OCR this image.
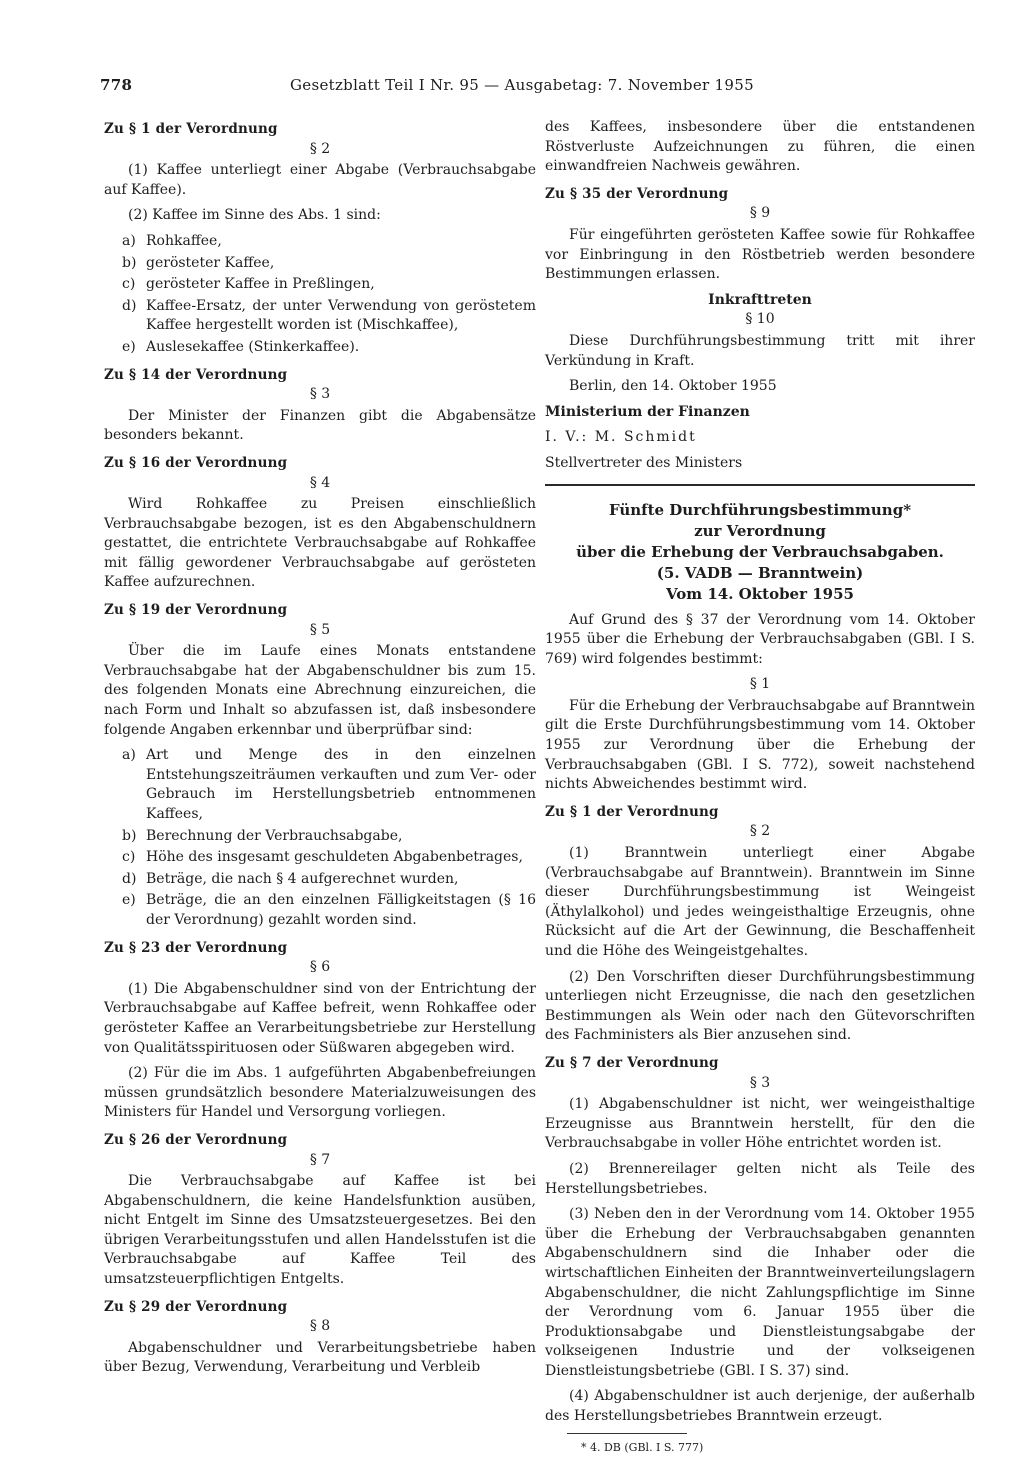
778	Gesetzblatt Teil I Nr. 95 — Ausgabetag: 7. November 1955
Zu § 1 der Verordnung
§ 2

(1) Kaffee unterliegt einer Abgabe (Verbrauchsabgabe auf Kaffee).

(2) Kaffee im Sinne des Abs. 1 sind:

a) Rohkaffee,
b) gerösteter Kaffee,
c) gerösteter Kaffee in Preßlingen,
d) Kaffee-Ersatz, der unter Verwendung von geröstetem Kaffee hergestellt worden ist (Mischkaffee),
e) Auslesekaffee (Stinkerkaffee).
Zu § 14 der Verordnung
§ 3

Der Minister der Finanzen gibt die Abgabensätze besonders bekannt.

Zu § 16 der Verordnung
§ 4

Wird Rohkaffee zu Preisen einschließlich Verbrauchsabgabe bezogen, ist es den Abgabenschuldnern gestattet, die entrichtete Verbrauchsabgabe auf Rohkaffee mit fällig gewordener Verbrauchsabgabe auf gerösteten Kaffee aufzurechnen.

Zu § 19 der Verordnung
§ 5

Über die im Laufe eines Monats entstandene Verbrauchsabgabe hat der Abgabenschuldner bis zum 15. des folgenden Monats eine Abrechnung einzureichen, die nach Form und Inhalt so abzufassen ist, daß insbesondere folgende Angaben erkennbar und überprüfbar sind:

a) Art und Menge des in den einzelnen Entstehungszeiträumen verkauften und zum Ver- oder Gebrauch im Herstellungsbetrieb entnommenen Kaffees,
b) Berechnung der Verbrauchsabgabe,
c) Höhe des insgesamt geschuldeten Abgabenbetrages,
d) Beträge, die nach § 4 aufgerechnet wurden,
e) Beträge, die an den einzelnen Fälligkeitstagen (§ 16 der Verordnung) gezahlt worden sind.
Zu § 23 der Verordnung
§ 6

(1) Die Abgabenschuldner sind von der Entrichtung der Verbrauchsabgabe auf Kaffee befreit, wenn Rohkaffee oder gerösteter Kaffee an Verarbeitungsbetriebe zur Herstellung von Qualitätsspirituosen oder Süßwaren abgegeben wird.

(2) Für die im Abs. 1 aufgeführten Abgabenbefreiungen müssen grundsätzlich besondere Materialzuweisungen des Ministers für Handel und Versorgung vorliegen.

Zu § 26 der Verordnung
§ 7

Die Verbrauchsabgabe auf Kaffee ist bei Abgabenschuldnern, die keine Handelsfunktion ausüben, nicht Entgelt im Sinne des Umsatzsteuergesetzes. Bei den übrigen Verarbeitungsstufen und allen Handelsstufen ist die Verbrauchsabgabe auf Kaffee Teil des umsatzsteuerpflichtigen Entgelts.

Zu § 29 der Verordnung
§ 8

Abgabenschuldner und Verarbeitungsbetriebe haben über Bezug, Verwendung, Verarbeitung und Verbleib

des Kaffees, insbesondere über die entstandenen Röstverluste Aufzeichnungen zu führen, die einen einwandfreien Nachweis gewähren.

Zu § 35 der Verordnung
§ 9

Für eingeführten gerösteten Kaffee sowie für Rohkaffee vor Einbringung in den Röstbetrieb werden besondere Bestimmungen erlassen.

Inkrafttreten
§ 10

Diese Durchführungsbestimmung tritt mit ihrer Verkündung in Kraft.

Berlin, den 14. Oktober 1955

Ministerium der Finanzen

I. V.: M. Schmidt

Stellvertreter des Ministers

Fünfte Durchführungsbestimmung*
zur Verordnung
über die Erhebung der Verbrauchsabgaben.
(5. VADB — Branntwein)
Vom 14. Oktober 1955

Auf Grund des § 37 der Verordnung vom 14. Oktober 1955 über die Erhebung der Verbrauchsabgaben (GBl. I S. 769) wird folgendes bestimmt:

§ 1

Für die Erhebung der Verbrauchsabgabe auf Branntwein gilt die Erste Durchführungsbestimmung vom 14. Oktober 1955 zur Verordnung über die Erhebung der Verbrauchsabgaben (GBl. I S. 772), soweit nachstehend nichts Abweichendes bestimmt wird.

Zu § 1 der Verordnung
§ 2

(1) Branntwein unterliegt einer Abgabe (Verbrauchsabgabe auf Branntwein). Branntwein im Sinne dieser Durchführungsbestimmung ist Weingeist (Äthylalkohol) und jedes weingeisthaltige Erzeugnis, ohne Rücksicht auf die Art der Gewinnung, die Beschaffenheit und die Höhe des Weingeistgehaltes.

(2) Den Vorschriften dieser Durchführungsbestimmung unterliegen nicht Erzeugnisse, die nach den gesetzlichen Bestimmungen als Wein oder nach den Gütevorschriften des Fachministers als Bier anzusehen sind.

Zu § 7 der Verordnung
§ 3

(1) Abgabenschuldner ist nicht, wer weingeisthaltige Erzeugnisse aus Branntwein herstellt, für den die Verbrauchsabgabe in voller Höhe entrichtet worden ist.

(2) Brennereilager gelten nicht als Teile des Herstellungsbetriebes.

(3) Neben den in der Verordnung vom 14. Oktober 1955 über die Erhebung der Verbrauchsabgaben genannten Abgabenschuldnern sind die Inhaber oder die wirtschaftlichen Einheiten der Branntweinverteilungslagern Abgabenschuldner, die nicht Zahlungspflichtige im Sinne der Verordnung vom 6. Januar 1955 über die Produktionsabgabe und Dienstleistungsabgabe der volkseigenen Industrie und der volkseigenen Dienstleistungsbetriebe (GBl. I S. 37) sind.

(4) Abgabenschuldner ist auch derjenige, der außerhalb des Herstellungsbetriebes Branntwein erzeugt.

* 4. DB (GBl. I S. 777)
